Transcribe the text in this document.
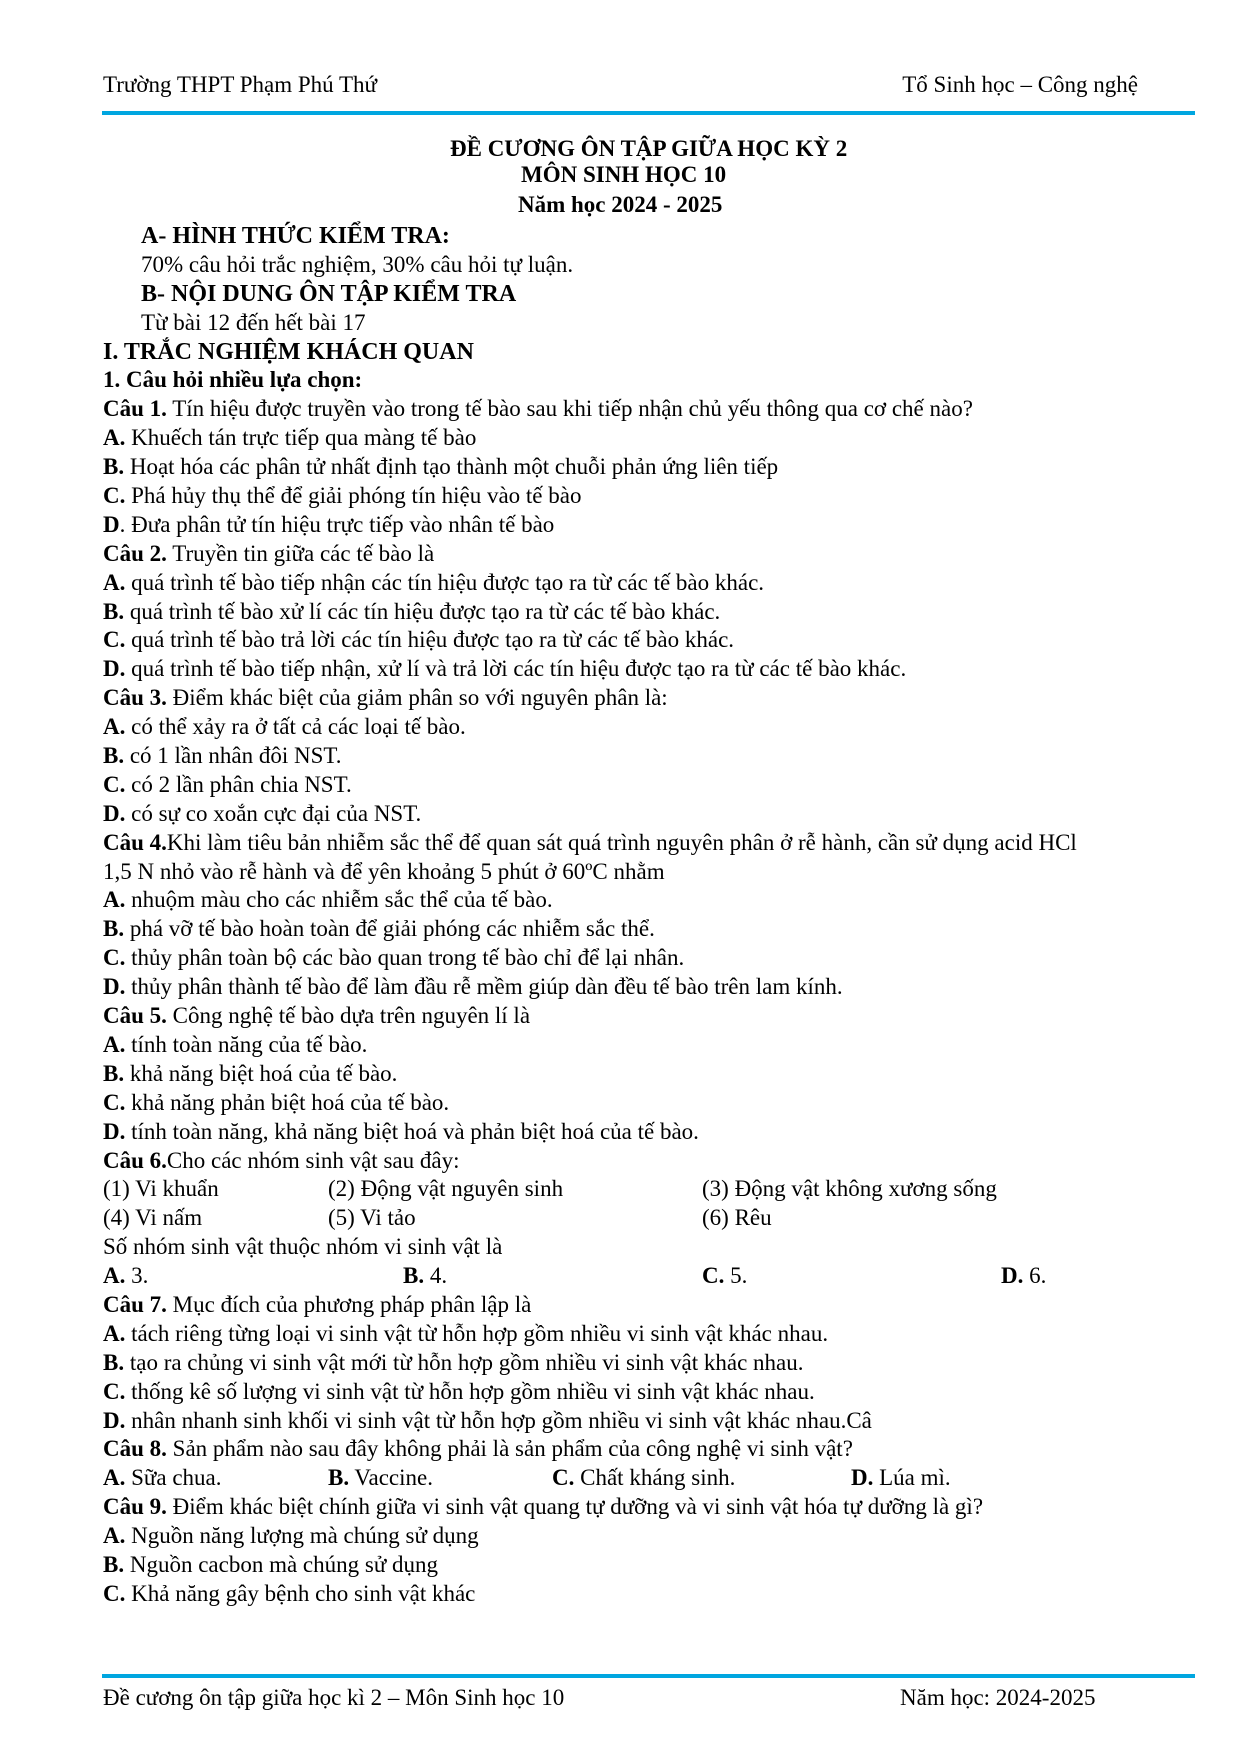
Trường THPT Phạm Phú Thứ	Tổ Sinh học – Công nghệ
ĐỀ CƯƠNG ÔN TẬP GIỮA HỌC KỲ 2
MÔN SINH HỌC 10
Năm học 2024 - 2025
A- HÌNH THỨC KIỂM TRA:
70% câu hỏi trắc nghiệm, 30% câu hỏi tự luận.
B- NỘI DUNG ÔN TẬP KIỂM TRA
Từ bài 12 đến hết bài 17
I. TRẮC NGHIỆM KHÁCH QUAN
1. Câu hỏi nhiều lựa chọn:
Câu 1. Tín hiệu được truyền vào trong tế bào sau khi tiếp nhận chủ yếu thông qua cơ chế nào?
A. Khuếch tán trực tiếp qua màng tế bào
B. Hoạt hóa các phân tử nhất định tạo thành một chuỗi phản ứng liên tiếp
C. Phá hủy thụ thể để giải phóng tín hiệu vào tế bào
D. Đưa phân tử tín hiệu trực tiếp vào nhân tế bào
Câu 2. Truyền tin giữa các tế bào là
A. quá trình tế bào tiếp nhận các tín hiệu được tạo ra từ các tế bào khác.
B. quá trình tế bào xử lí các tín hiệu được tạo ra từ các tế bào khác.
C. quá trình tế bào trả lời các tín hiệu được tạo ra từ các tế bào khác.
D. quá trình tế bào tiếp nhận, xử lí và trả lời các tín hiệu được tạo ra từ các tế bào khác.
Câu 3. Điểm khác biệt của giảm phân so với nguyên phân là:
A. có thể xảy ra ở tất cả các loại tế bào.
B. có 1 lần nhân đôi NST.
C. có 2 lần phân chia NST.
D. có sự co xoắn cực đại của NST.
Câu 4.Khi làm tiêu bản nhiễm sắc thể để quan sát quá trình nguyên phân ở rễ hành, cần sử dụng acid HCl
1,5 N nhỏ vào rễ hành và để yên khoảng 5 phút ở 60ºC nhằm
A. nhuộm màu cho các nhiễm sắc thể của tế bào.
B. phá vỡ tế bào hoàn toàn để giải phóng các nhiễm sắc thể.
C. thủy phân toàn bộ các bào quan trong tế bào chỉ để lại nhân.
D. thủy phân thành tế bào để làm đầu rễ mềm giúp dàn đều tế bào trên lam kính.
Câu 5. Công nghệ tế bào dựa trên nguyên lí là
A. tính toàn năng của tế bào.
B. khả năng biệt hoá của tế bào.
C. khả năng phản biệt hoá của tế bào.
D. tính toàn năng, khả năng biệt hoá và phản biệt hoá của tế bào.
Câu 6.Cho các nhóm sinh vật sau đây:
(1) Vi khuẩn	(2) Động vật nguyên sinh	(3) Động vật không xương sống
(4) Vi nấm	(5) Vi tảo	(6) Rêu
Số nhóm sinh vật thuộc nhóm vi sinh vật là
A. 3.	B. 4.	C. 5.	D. 6.
Câu 7. Mục đích của phương pháp phân lập là
A. tách riêng từng loại vi sinh vật từ hỗn hợp gồm nhiều vi sinh vật khác nhau.
B. tạo ra chủng vi sinh vật mới từ hỗn hợp gồm nhiều vi sinh vật khác nhau.
C. thống kê số lượng vi sinh vật từ hỗn hợp gồm nhiều vi sinh vật khác nhau.
D. nhân nhanh sinh khối vi sinh vật từ hỗn hợp gồm nhiều vi sinh vật khác nhau.Câ
Câu 8. Sản phẩm nào sau đây không phải là sản phẩm của công nghệ vi sinh vật?
A. Sữa chua.	B. Vaccine.	C. Chất kháng sinh.	D. Lúa mì.
Câu 9. Điểm khác biệt chính giữa vi sinh vật quang tự dưỡng và vi sinh vật hóa tự dưỡng là gì?
A. Nguồn năng lượng mà chúng sử dụng
B. Nguồn cacbon mà chúng sử dụng
C. Khả năng gây bệnh cho sinh vật khác
Đề cương ôn tập giữa học kì 2 – Môn Sinh học 10	Năm học: 2024-2025
